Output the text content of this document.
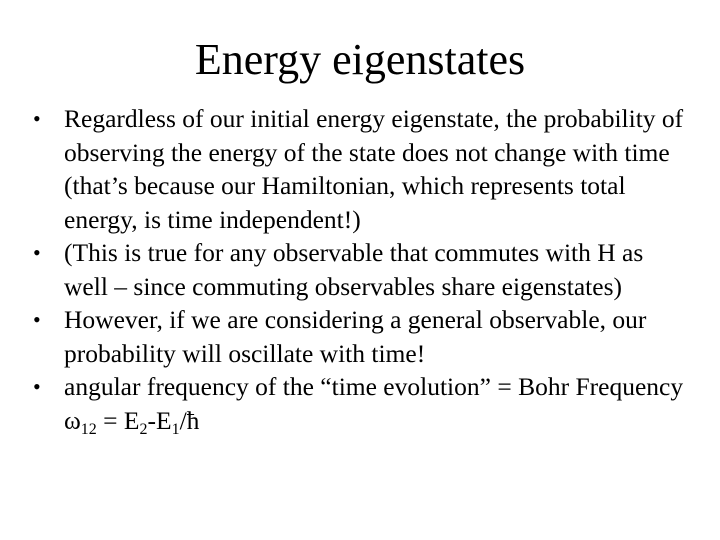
Energy eigenstates
• Regardless of our initial energy eigenstate, the probability of observing the energy of the state does not change with time (that’s because our Hamiltonian, which represents total energy, is time independent!)
• (This is true for any observable that commutes with H as well – since commuting observables share eigenstates)
• However, if we are considering a general observable, our probability will oscillate with time!
• angular frequency of the “time evolution” = Bohr Frequency $\omega_{12}$ = $E_2-E_1/ħ$
